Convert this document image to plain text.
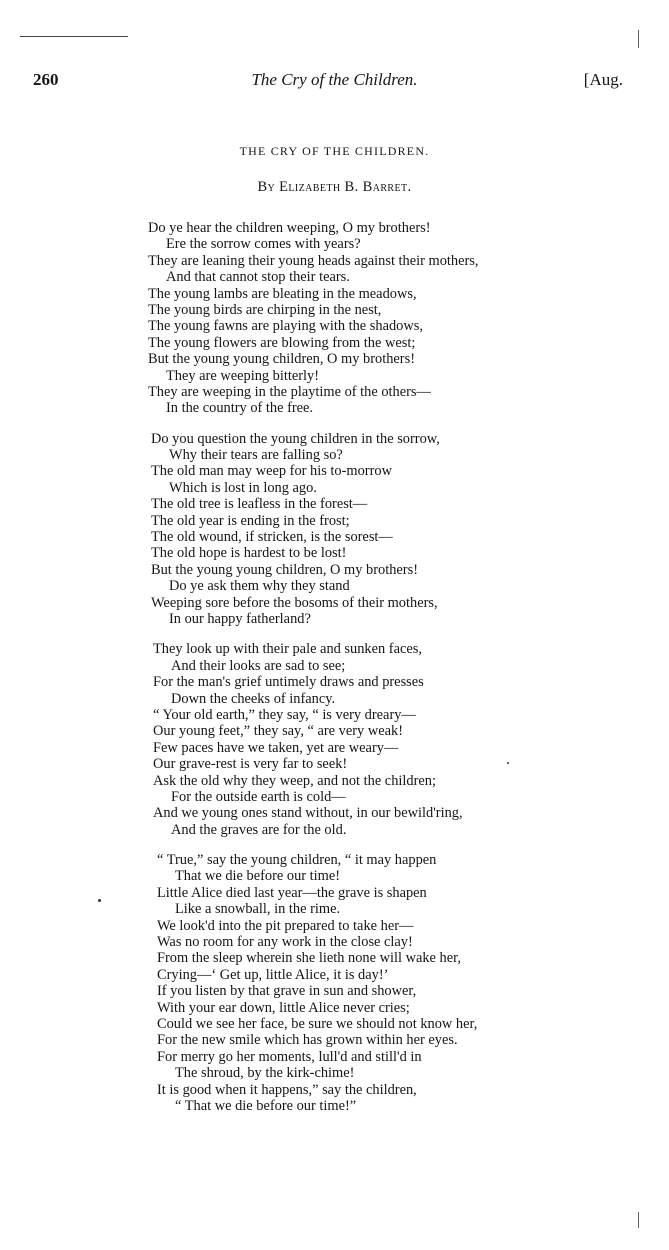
260	The Cry of the Children.	[Aug.
THE CRY OF THE CHILDREN.
By Elizabeth B. Barret.
Do ye hear the children weeping, O my brothers!
Ere the sorrow comes with years?
They are leaning their young heads against their mothers,
And that cannot stop their tears.
The young lambs are bleating in the meadows,
The young birds are chirping in the nest,
The young fawns are playing with the shadows,
The young flowers are blowing from the west;
But the young young children, O my brothers!
They are weeping bitterly!
They are weeping in the playtime of the others—
In the country of the free.
Do you question the young children in the sorrow,
Why their tears are falling so?
The old man may weep for his to-morrow
Which is lost in long ago.
The old tree is leafless in the forest—
The old year is ending in the frost;
The old wound, if stricken, is the sorest—
The old hope is hardest to be lost!
But the young young children, O my brothers!
Do ye ask them why they stand
Weeping sore before the bosoms of their mothers,
In our happy fatherland?
They look up with their pale and sunken faces,
And their looks are sad to see;
For the man's grief untimely draws and presses
Down the cheeks of infancy.
“ Your old earth,” they say, “ is very dreary—
Our young feet,” they say, “ are very weak!
Few paces have we taken, yet are weary—
Our grave-rest is very far to seek!
Ask the old why they weep, and not the children;
For the outside earth is cold—
And we young ones stand without, in our bewild'ring,
And the graves are for the old.
“ True,” say the young children, “ it may happen
That we die before our time!
Little Alice died last year—the grave is shapen
Like a snowball, in the rime.
We look'd into the pit prepared to take her—
Was no room for any work in the close clay!
From the sleep wherein she lieth none will wake her,
Crying—‘ Get up, little Alice, it is day!’
If you listen by that grave in sun and shower,
With your ear down, little Alice never cries;
Could we see her face, be sure we should not know her,
For the new smile which has grown within her eyes.
For merry go her moments, lull'd and still'd in
The shroud, by the kirk-chime!
It is good when it happens,” say the children,
“ That we die before our time!”
